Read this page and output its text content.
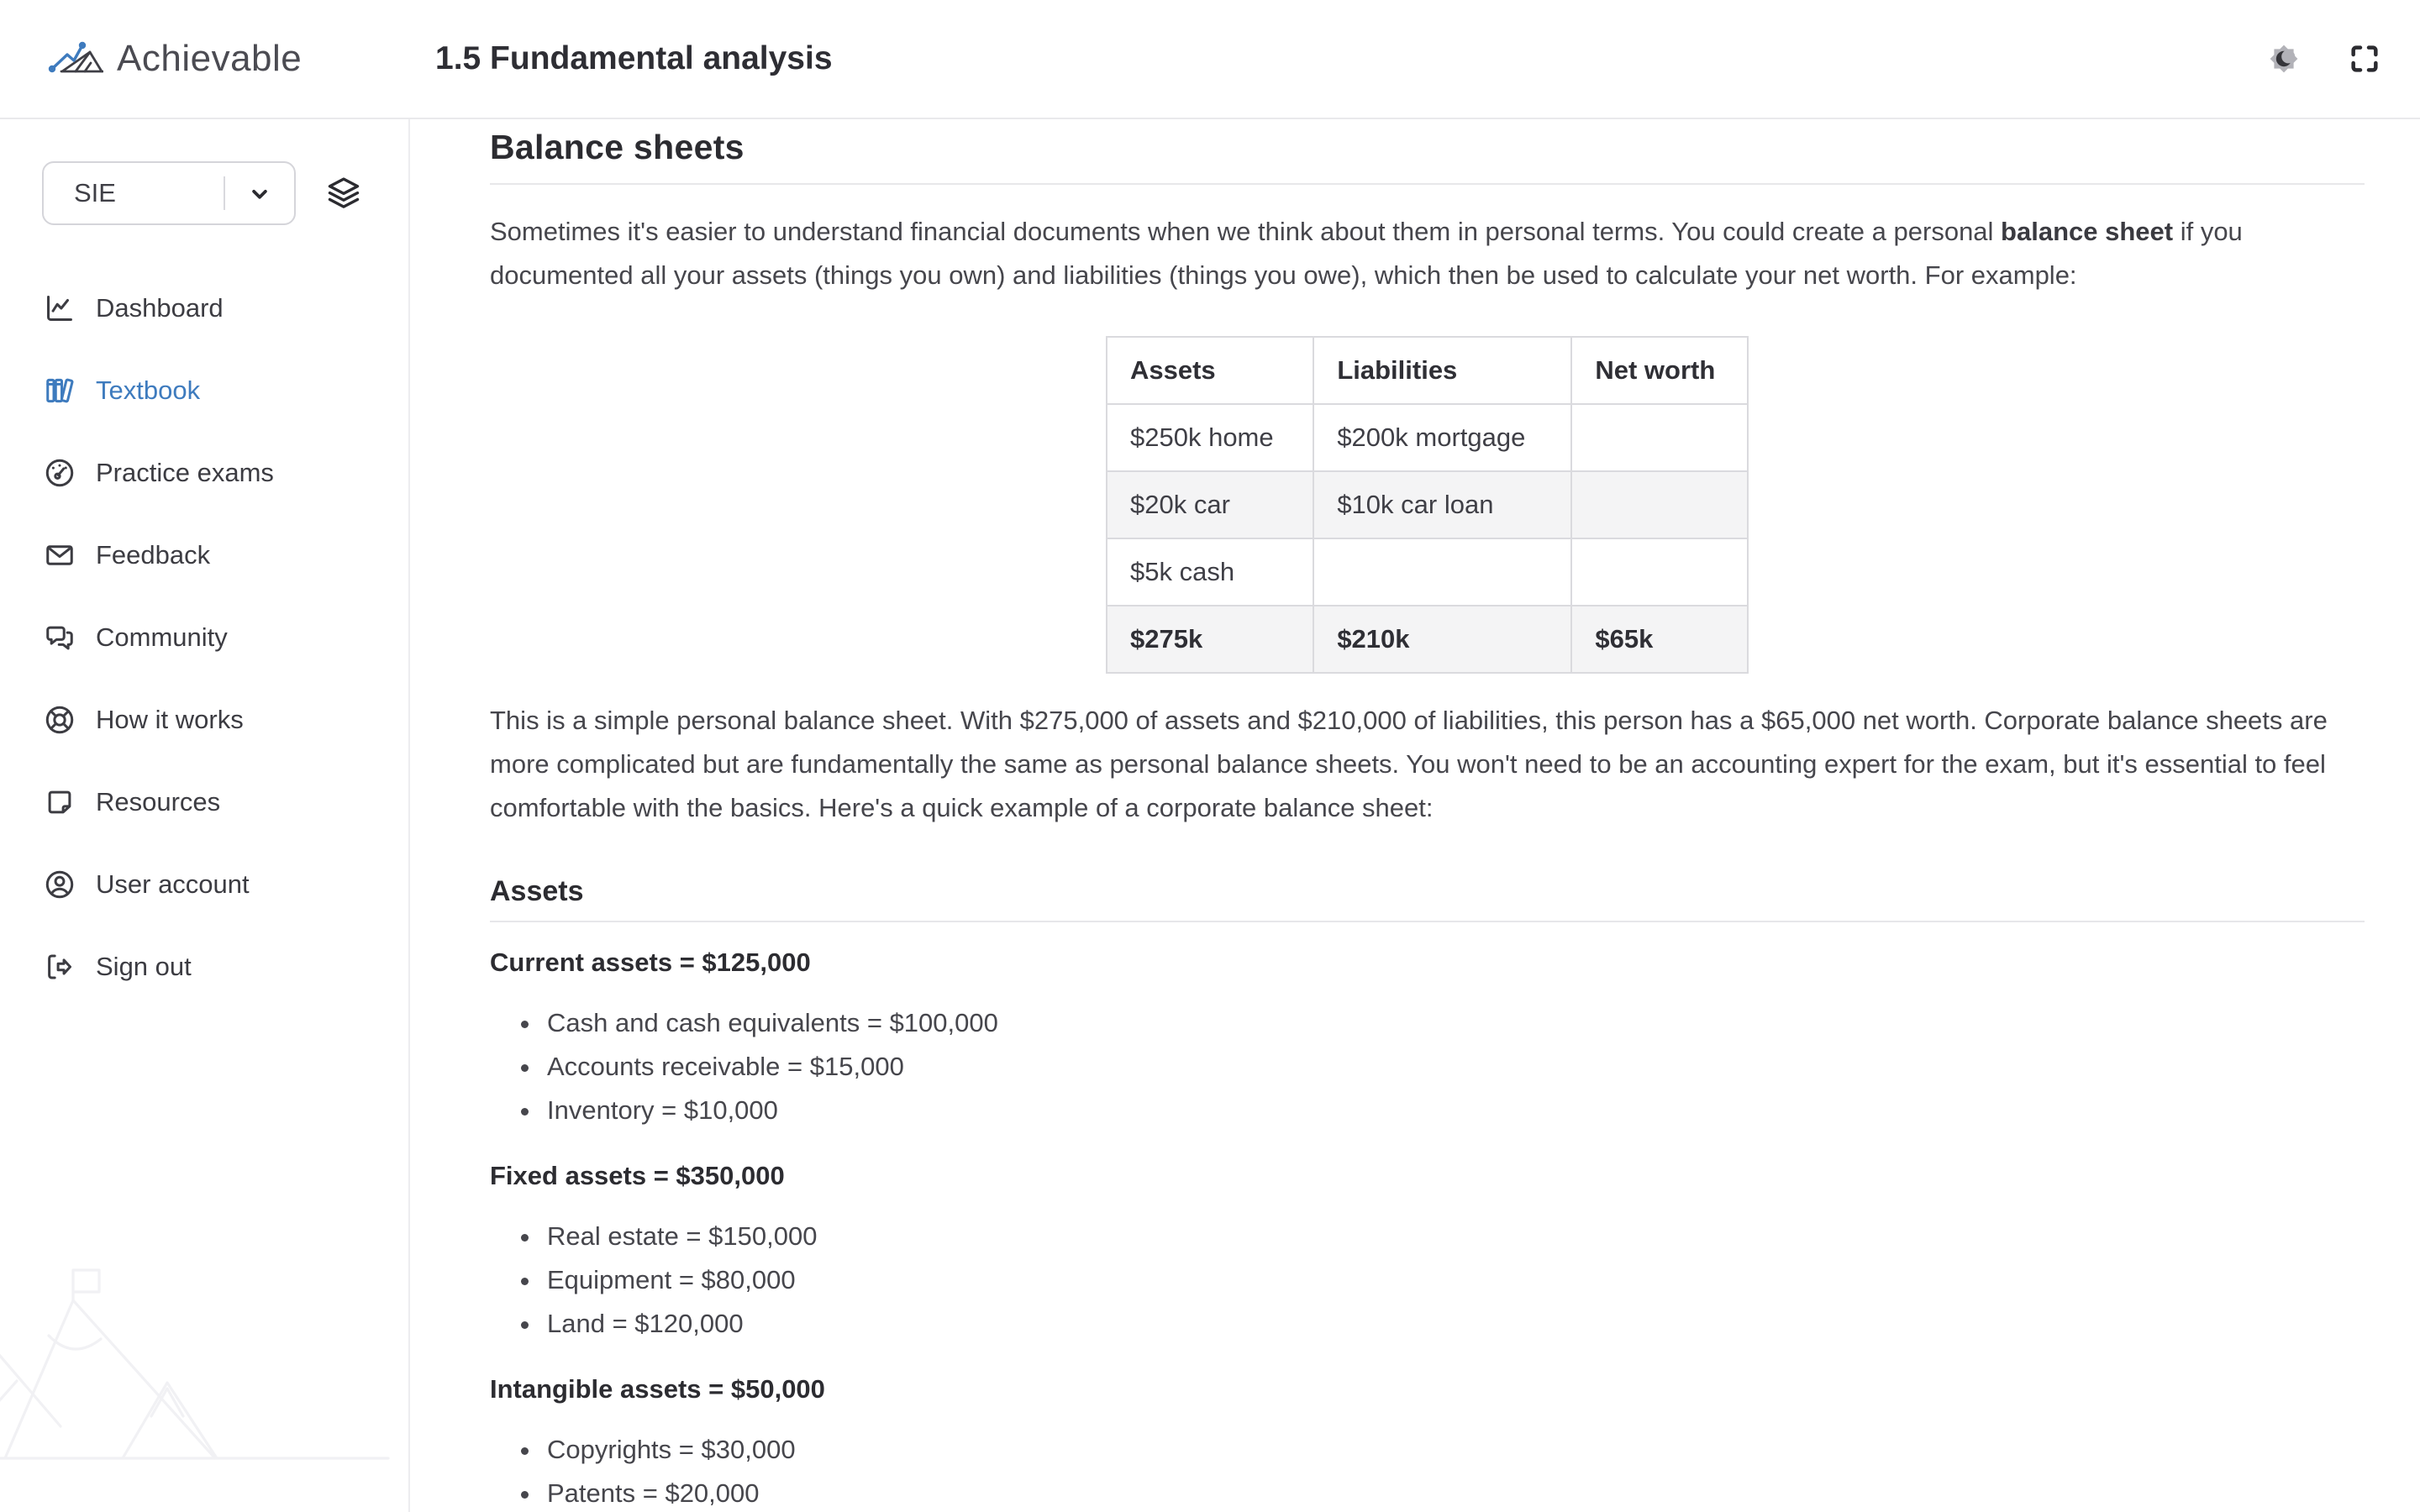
Achievable	1.5 Fundamental analysis
SIE
Dashboard
Textbook
Practice exams
Feedback
Community
How it works
Resources
User account
Sign out
Balance sheets

Sometimes it's easier to understand financial documents when we think about them in personal terms. You could create a personal balance sheet if you documented all your assets (things you own) and liabilities (things you owe), which then be used to calculate your net worth. For example:

Assets	Liabilities	Net worth
$250k home	$200k mortgage	
$20k car	$10k car loan	
$5k cash		
$275k	$210k	$65k

This is a simple personal balance sheet. With $275,000 of assets and $210,000 of liabilities, this person has a $65,000 net worth. Corporate balance sheets are more complicated but are fundamentally the same as personal balance sheets. You won't need to be an accounting expert for the exam, but it's essential to feel comfortable with the basics. Here's a quick example of a corporate balance sheet:

Assets

Current assets = $125,000

• Cash and cash equivalents = $100,000
• Accounts receivable = $15,000
• Inventory = $10,000

Fixed assets = $350,000

• Real estate = $150,000
• Equipment = $80,000
• Land = $120,000

Intangible assets = $50,000

• Copyrights = $30,000
• Patents = $20,000
